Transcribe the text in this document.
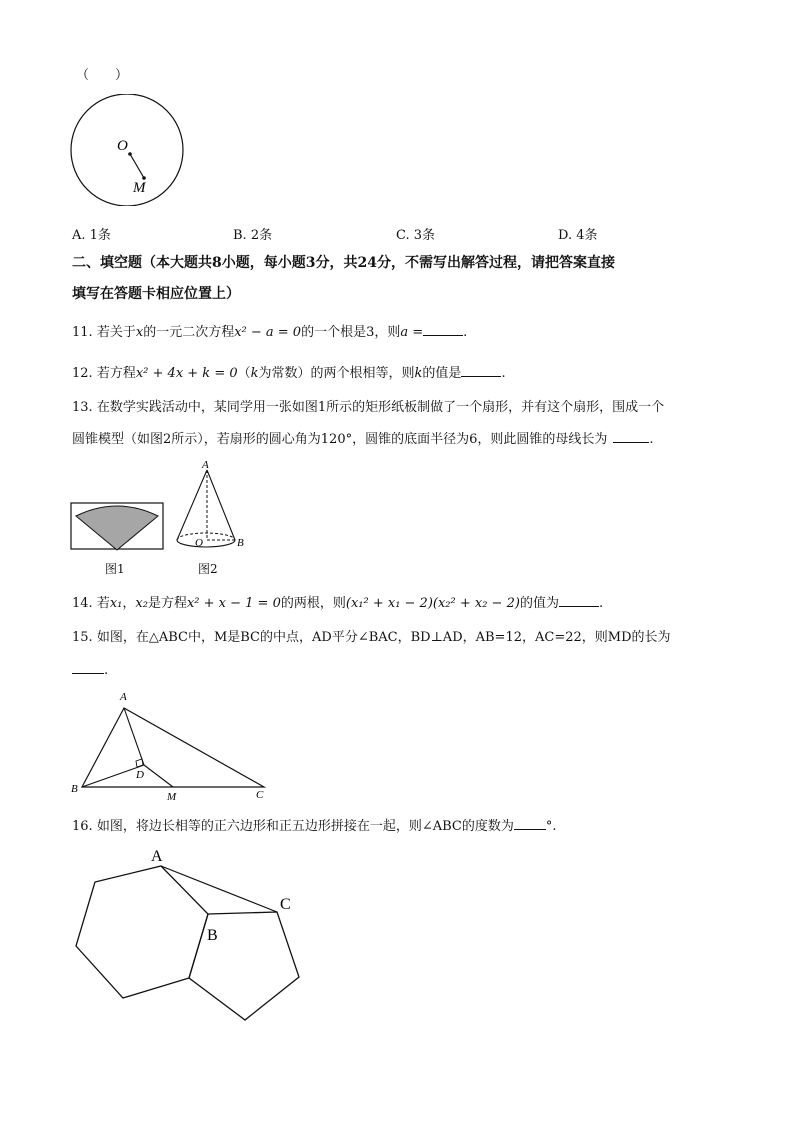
（　　）
O
M
A. 1条	B. 2条	C. 3条	D. 4条
二、填空题（本大题共8小题，每小题3分，共24分，不需写出解答过程，请把答案直接
填写在答题卡相应位置上）
11. 若关于x的一元二次方程x² − a = 0的一个根是3，则a =	.
12. 若方程x² + 4x + k = 0（k为常数）的两个根相等，则k的值是	.
13. 在数学实践活动中，某同学用一张如图1所示的矩形纸板制做了一个扇形，并有这个扇形，围成一个
圆锥模型（如图2所示），若扇形的圆心角为120°，圆锥的底面半径为6，则此圆锥的母线长为	.
图1
A
O	B
图2
14. 若x₁，x₂是方程x² + x − 1 = 0的两根，则(x₁² + x₁ − 2)(x₂² + x₂ − 2)的值为	.
15. 如图，在△ABC中，M是BC的中点，AD平分∠BAC，BD⊥AD，AB=12，AC=22，则MD的长为
.
A
B	C
D
M
16. 如图，将边长相等的正六边形和正五边形拼接在一起，则∠ABC的度数为 °.
A
B
C
